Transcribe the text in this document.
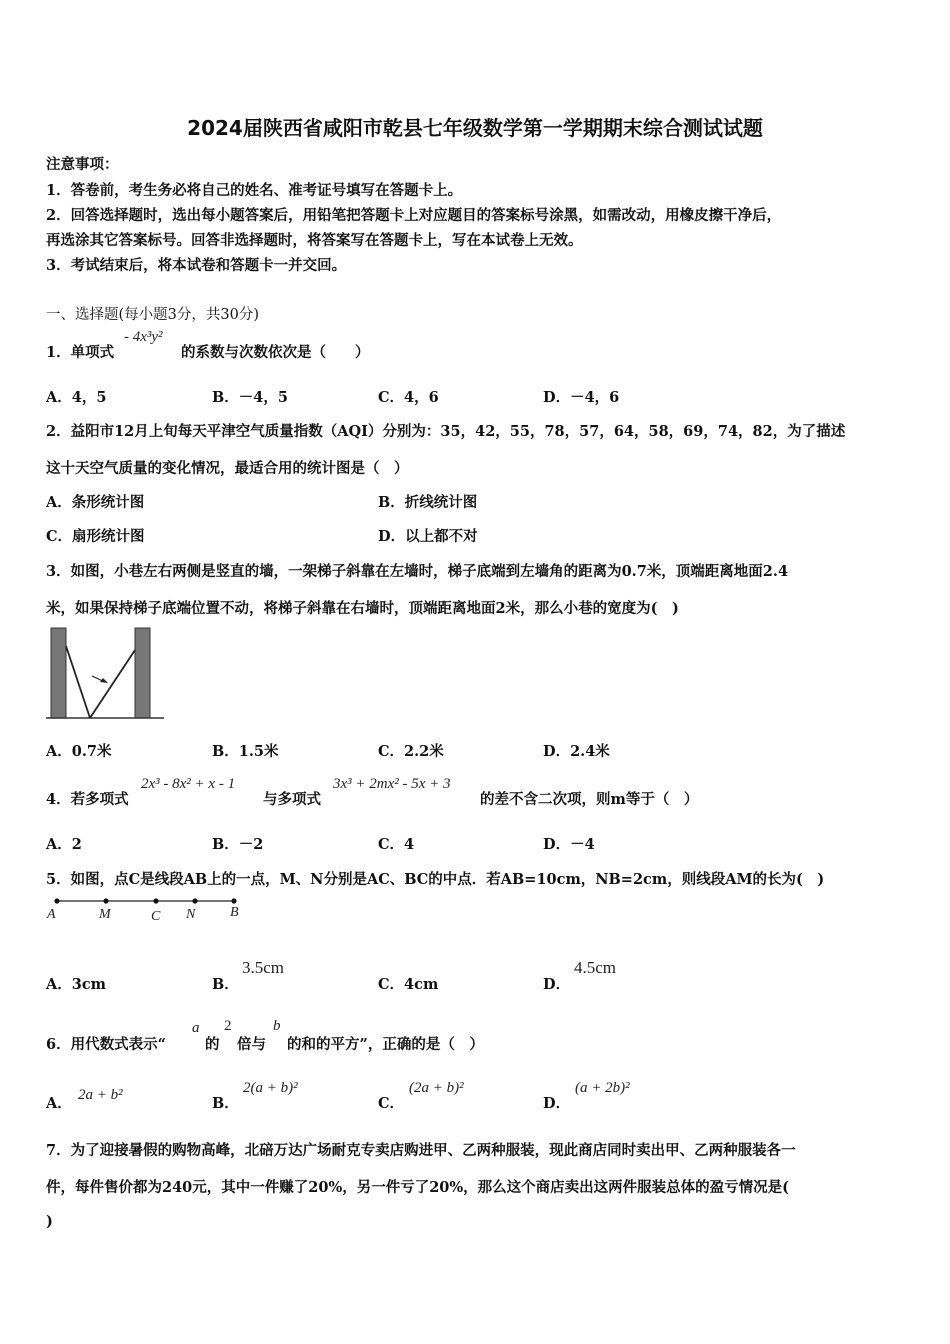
2024届陕西省咸阳市乾县七年级数学第一学期期末综合测试试题
注意事项：
1．答卷前，考生务必将自己的姓名、准考证号填写在答题卡上。
2．回答选择题时，选出每小题答案后，用铅笔把答题卡上对应题目的答案标号涂黑，如需改动，用橡皮擦干净后，
再选涂其它答案标号。回答非选择题时，将答案写在答题卡上，写在本试卷上无效。
3．考试结束后，将本试卷和答题卡一并交回。
一、选择题(每小题3分，共30分)
1．单项式
- 4x³y²
的系数与次数依次是（　　）
A．4，5	B．－4，5	C．4，6	D．－4，6
2．益阳市12月上旬每天平津空气质量指数（AQI）分别为：35，42，55，78，57，64，58，69，74，82，为了描述
这十天空气质量的变化情况，最适合用的统计图是（　）
A．条形统计图	B．折线统计图
C．扇形统计图	D．以上都不对
3．如图，小巷左右两侧是竖直的墙，一架梯子斜靠在左墙时，梯子底端到左墙角的距离为0.7米，顶端距离地面2.4
米，如果保持梯子底端位置不动，将梯子斜靠在右墙时，顶端距离地面2米，那么小巷的宽度为(　)
A．0.7米	B．1.5米	C．2.2米	D．2.4米
4．若多项式
2x³ - 8x² + x - 1
与多项式
3x³ + 2mx² - 5x + 3
的差不含二次项，则m等于（　）
A．2	B．－2	C．4	D．－4
5．如图，点C是线段AB上的一点，M、N分别是AC、BC的中点．若AB=10cm，NB=2cm，则线段AM的长为(　)
A	M	C N B
A．3cm	B．
3.5cm
C．4cm	D．
4.5cm
6．用代数式表示“
a
的
2
倍与
b
的和的平方”，正确的是（　）
A． 2a + b²	B．
2(a + b)²
C．
(2a + b)²
D．
(a + 2b)²
7．为了迎接暑假的购物高峰，北碚万达广场耐克专卖店购进甲、乙两种服装，现此商店同时卖出甲、乙两种服装各一
件，每件售价都为240元，其中一件赚了20%，另一件亏了20%，那么这个商店卖出这两件服装总体的盈亏情况是(
)
